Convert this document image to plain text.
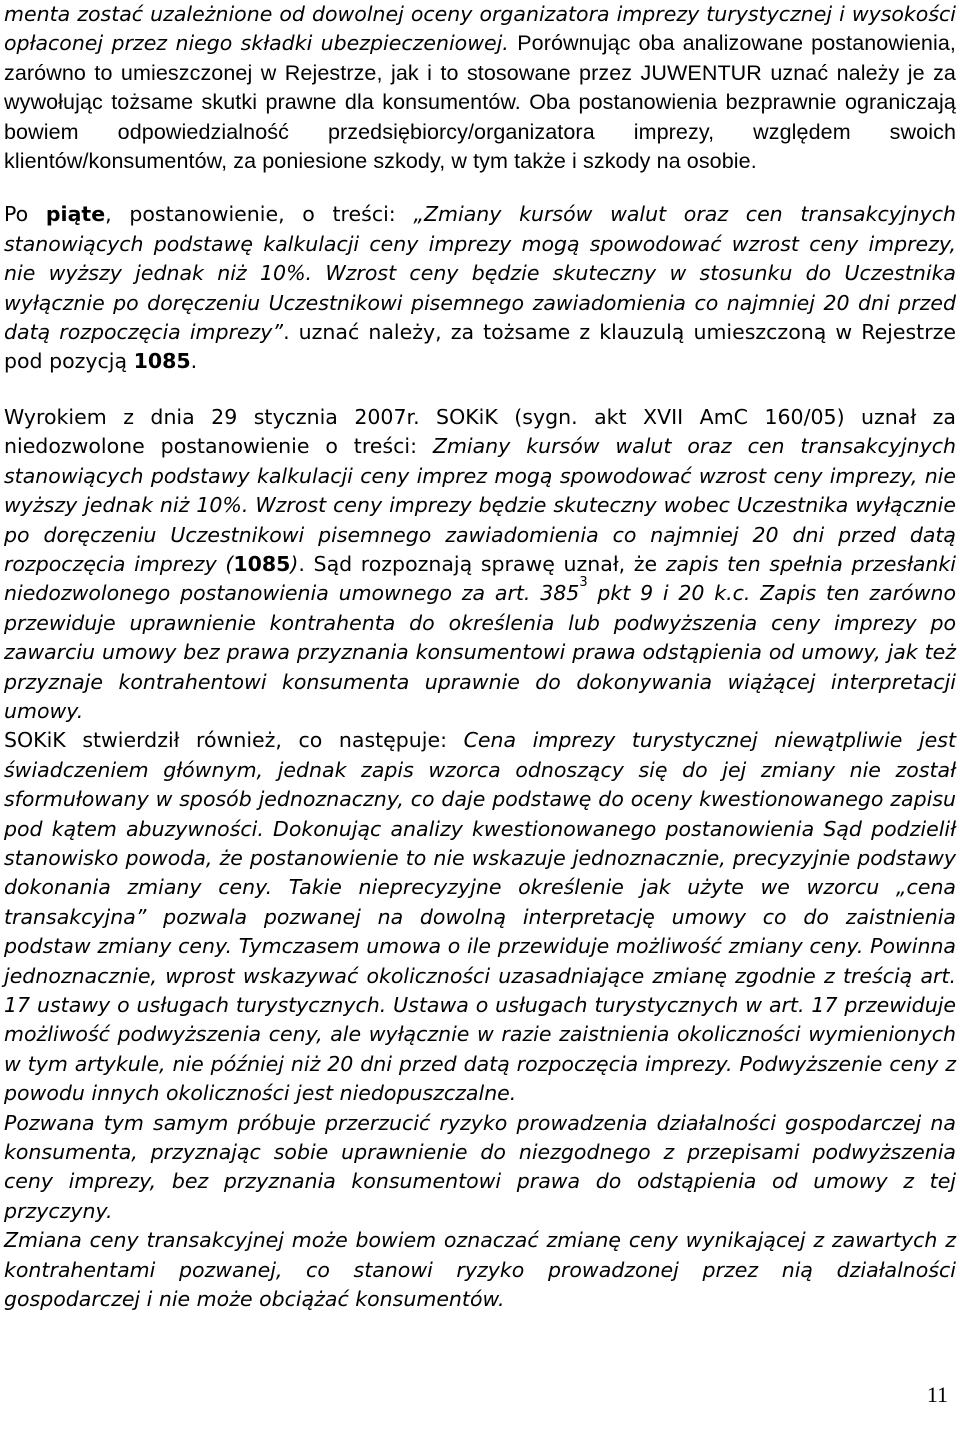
menta zostać uzależnione od dowolnej oceny organizatora imprezy turystycznej i wysokości opłaconej przez niego składki ubezpieczeniowej. Porównując oba analizowane postanowienia, zarówno to umieszczonej w Rejestrze, jak i to stosowane przez JUWENTUR uznać należy je za wywołując tożsame skutki prawne dla konsumentów. Oba postanowienia bezprawnie ograniczają bowiem odpowiedzialność przedsiębiorcy/organizatora imprezy, względem swoich klientów/konsumentów, za poniesione szkody, w tym także i szkody na osobie.

Po piąte, postanowienie, o treści: „Zmiany kursów walut oraz cen transakcyjnych stanowiących podstawę kalkulacji ceny imprezy mogą spowodować wzrost ceny imprezy, nie wyższy jednak niż 10%. Wzrost ceny będzie skuteczny w stosunku do Uczestnika wyłącznie po doręczeniu Uczestnikowi pisemnego zawiadomienia co najmniej 20 dni przed datą rozpoczęcia imprezy”. uznać należy, za tożsame z klauzulą umieszczoną w Rejestrze pod pozycją 1085.

Wyrokiem z dnia 29 stycznia 2007r. SOKiK (sygn. akt XVII AmC 160/05) uznał za niedozwolone postanowienie o treści: Zmiany kursów walut oraz cen transakcyjnych stanowiących podstawy kalkulacji ceny imprez mogą spowodować wzrost ceny imprezy, nie wyższy jednak niż 10%. Wzrost ceny imprezy będzie skuteczny wobec Uczestnika wyłącznie po doręczeniu Uczestnikowi pisemnego zawiadomienia co najmniej 20 dni przed datą rozpoczęcia imprezy (1085). Sąd rozpoznają sprawę uznał, że zapis ten spełnia przesłanki niedozwolonego postanowienia umownego za art. $385^3$ pkt 9 i 20 k.c. Zapis ten zarówno przewiduje uprawnienie kontrahenta do określenia lub podwyższenia ceny imprezy po zawarciu umowy bez prawa przyznania konsumentowi prawa odstąpienia od umowy, jak też przyznaje kontrahentowi konsumenta uprawnie do dokonywania wiążącej interpretacji umowy.

SOKiK stwierdził również, co następuje: Cena imprezy turystycznej niewątpliwie jest świadczeniem głównym, jednak zapis wzorca odnoszący się do jej zmiany nie został sformułowany w sposób jednoznaczny, co daje podstawę do oceny kwestionowanego zapisu pod kątem abuzywności. Dokonując analizy kwestionowanego postanowienia Sąd podzielił stanowisko powoda, że postanowienie to nie wskazuje jednoznacznie, precyzyjnie podstawy dokonania zmiany ceny. Takie nieprecyzyjne określenie jak użyte we wzorcu „cena transakcyjna” pozwala pozwanej na dowolną interpretację umowy co do zaistnienia podstaw zmiany ceny. Tymczasem umowa o ile przewiduje możliwość zmiany ceny. Powinna jednoznacznie, wprost wskazywać okoliczności uzasadniające zmianę zgodnie z treścią art. 17 ustawy o usługach turystycznych. Ustawa o usługach turystycznych w art. 17 przewiduje możliwość podwyższenia ceny, ale wyłącznie w razie zaistnienia okoliczności wymienionych w tym artykule, nie później niż 20 dni przed datą rozpoczęcia imprezy. Podwyższenie ceny z powodu innych okoliczności jest niedopuszczalne.

Pozwana tym samym próbuje przerzucić ryzyko prowadzenia działalności gospodarczej na konsumenta, przyznając sobie uprawnienie do niezgodnego z przepisami podwyższenia ceny imprezy, bez przyznania konsumentowi prawa do odstąpienia od umowy z tej przyczyny.

Zmiana ceny transakcyjnej może bowiem oznaczać zmianę ceny wynikającej z zawartych z kontrahentami pozwanej, co stanowi ryzyko prowadzonej przez nią działalności gospodarczej i nie może obciążać konsumentów.

11
